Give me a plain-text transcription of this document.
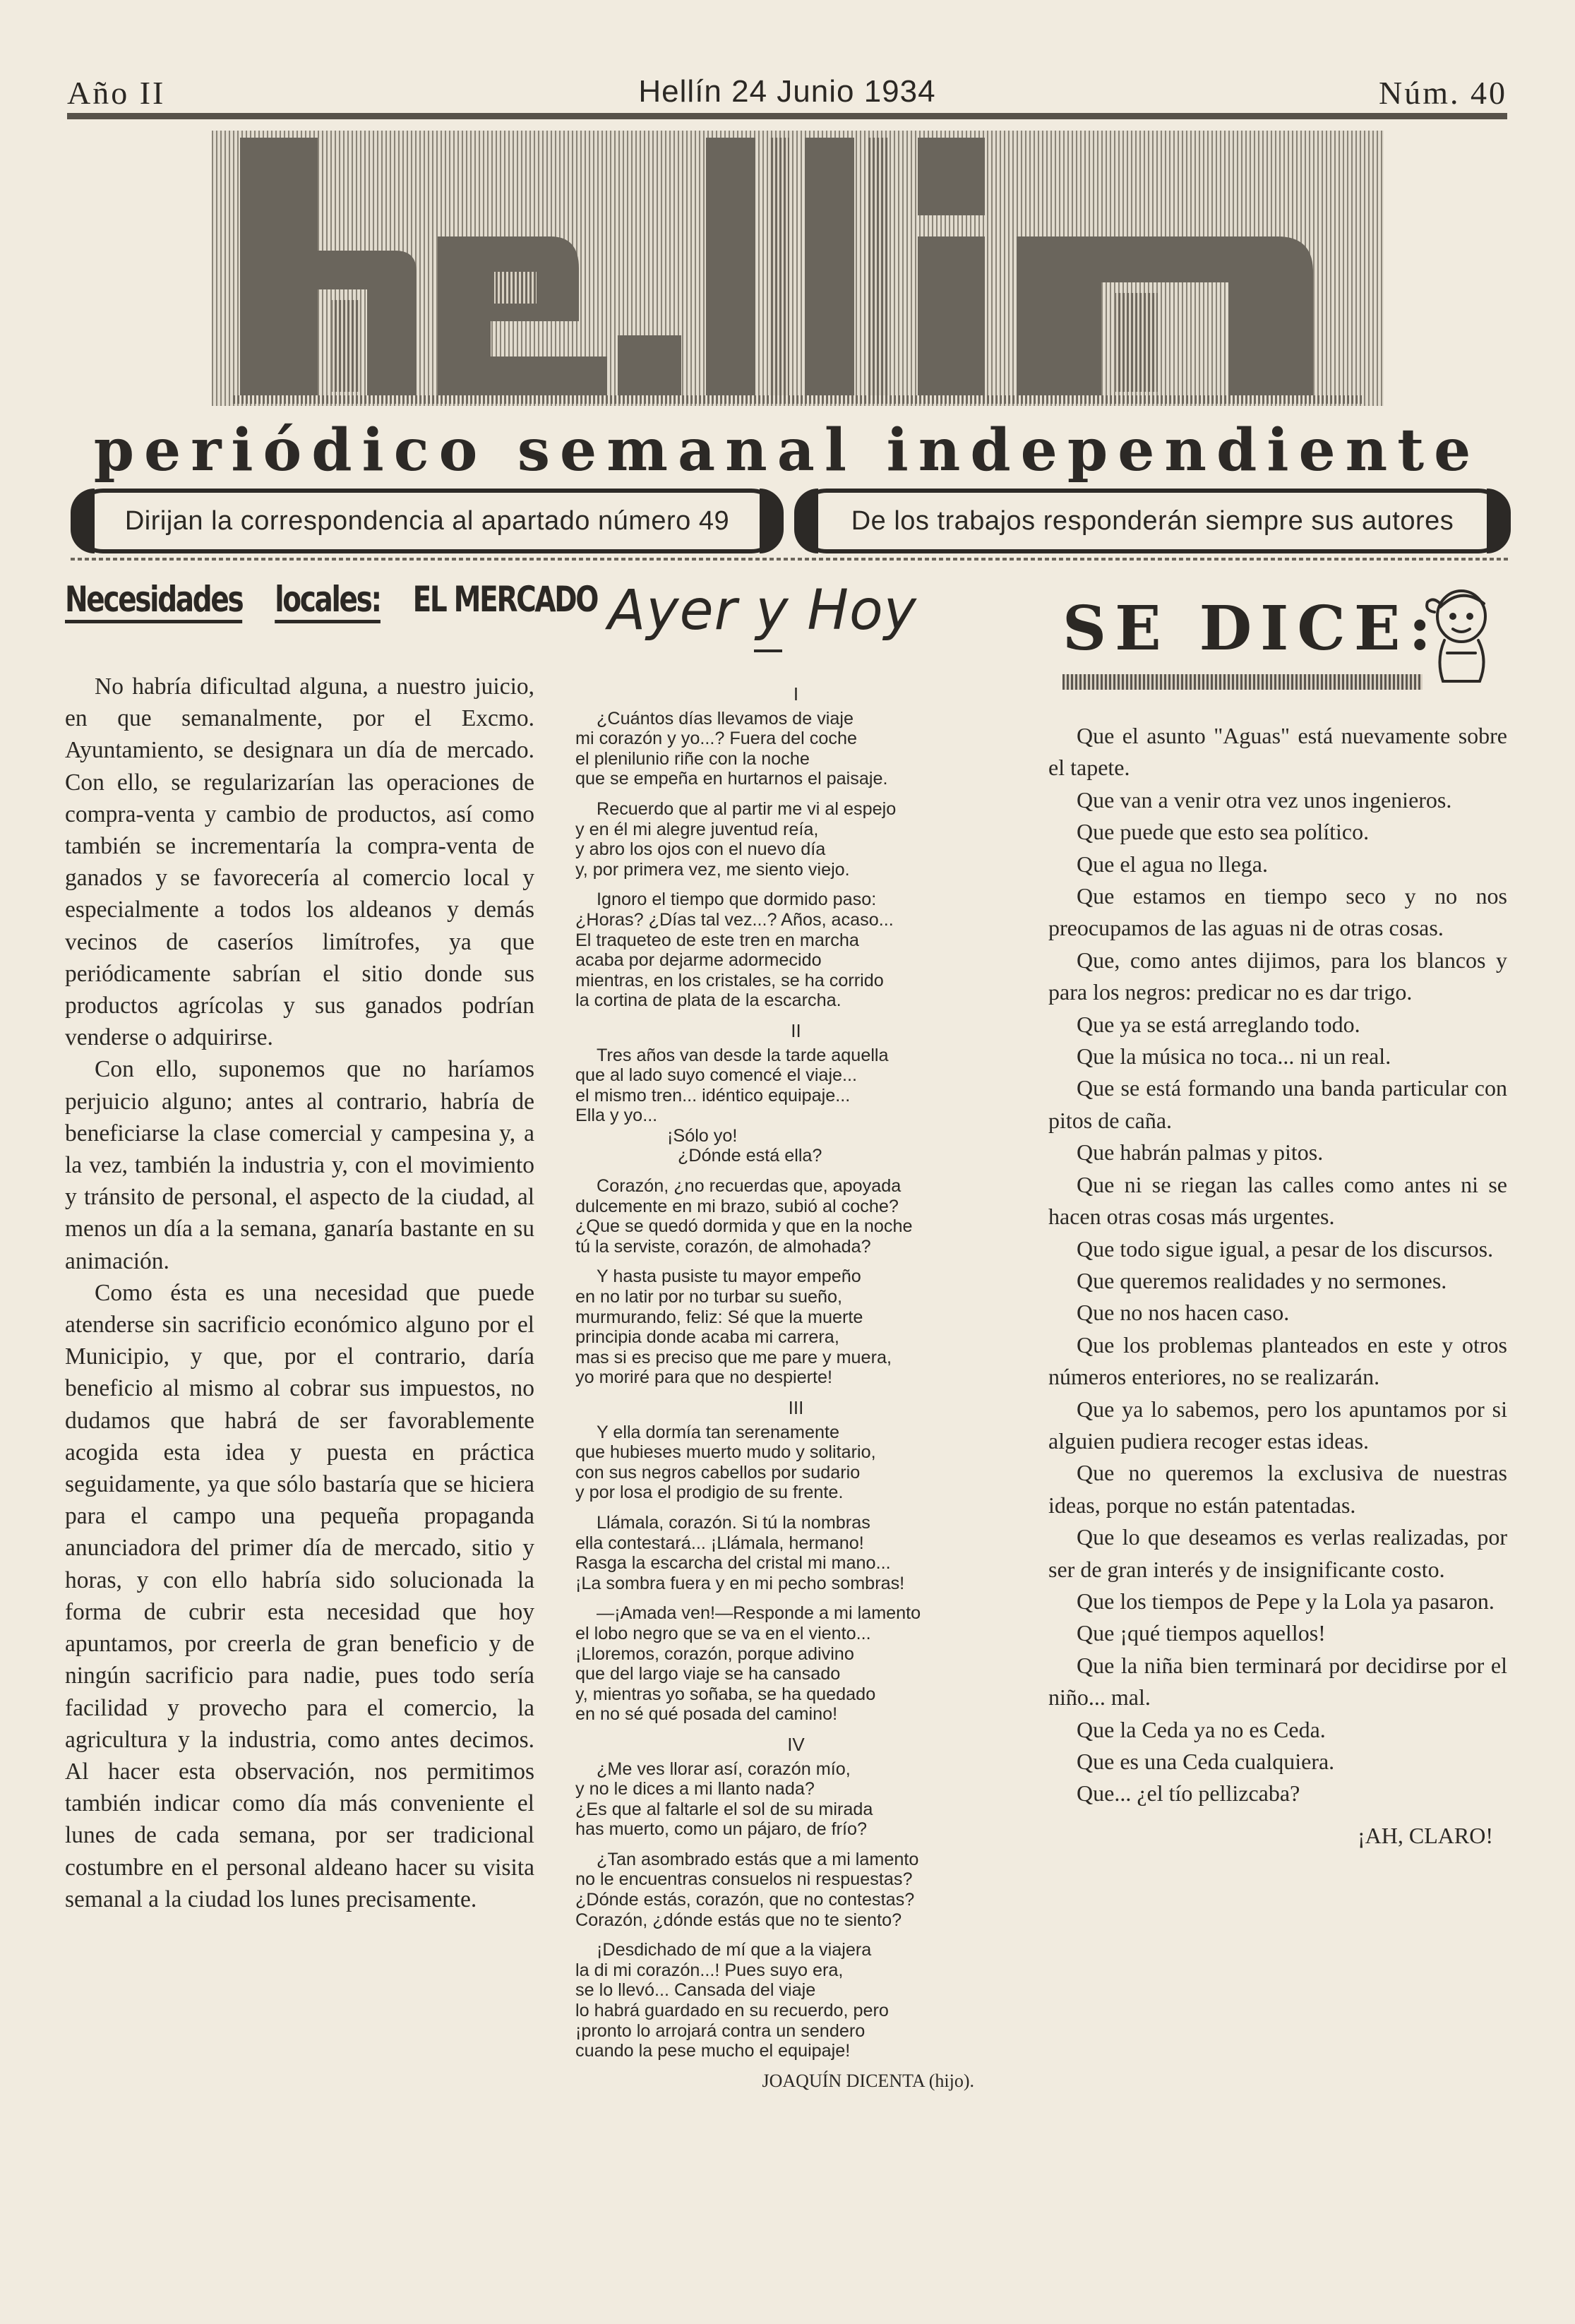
Año II	Hellín 24 Junio 1934	Núm. 40
periódico semanal independiente
Dirijan la correspondencia al apartado número 49	De los trabajos responderán siempre sus autores
Necesidades locales: EL MERCADO

No habría dificultad alguna, a nuestro juicio, en que semanalmente, por el Excmo. Ayuntamiento, se designara un día de mercado. Con ello, se regularizarían las operaciones de compra-venta y cambio de productos, así como también se incrementaría la compra-venta de ganados y se favorecería al comercio local y especialmente a todos los aldeanos y demás vecinos de caseríos limítrofes, ya que periódicamente sabrían el sitio donde sus productos agrícolas y sus ganados podrían venderse o adquirirse.

Con ello, suponemos que no haríamos perjuicio alguno; antes al contrario, habría de beneficiarse la clase comercial y campesina y, a la vez, también la industria y, con el movimiento y tránsito de personal, el aspecto de la ciudad, al menos un día a la semana, ganaría bastante en su animación.

Como ésta es una necesidad que puede atenderse sin sacrificio económico alguno por el Municipio, y que, por el contrario, daría beneficio al mismo al cobrar sus impuestos, no dudamos que habrá de ser favorablemente acogida esta idea y puesta en práctica seguidamente, ya que sólo bastaría que se hiciera para el campo una pequeña propaganda anunciadora del primer día de mercado, sitio y horas, y con ello habría sido solucionada la forma de cubrir esta necesidad que hoy apuntamos, por creerla de gran beneficio y de ningún sacrificio para nadie, pues todo sería facilidad y provecho para el comercio, la agricultura y la industria, como antes decimos. Al hacer esta observación, nos permitimos también indicar como día más conveniente el lunes de cada semana, por ser tradicional costumbre en el personal aldeano hacer su visita semanal a la ciudad los lunes precisamente.

Ayer y Hoy
I
¿Cuántos días llevamos de viaje
mi corazón y yo...? Fuera del coche
el plenilunio riñe con la noche
que se empeña en hurtarnos el paisaje.
Recuerdo que al partir me vi al espejo
y en él mi alegre juventud reía,
y abro los ojos con el nuevo día
y, por primera vez, me siento viejo.
Ignoro el tiempo que dormido paso:
¿Horas? ¿Días tal vez...? Años, acaso...
El traqueteo de este tren en marcha
acaba por dejarme adormecido
mientras, en los cristales, se ha corrido
la cortina de plata de la escarcha.
II
Tres años van desde la tarde aquella
que al lado suyo comencé el viaje...
el mismo tren... idéntico equipaje...
Ella y yo...
¡Sólo yo!
¿Dónde está ella?
Corazón, ¿no recuerdas que, apoyada
dulcemente en mi brazo, subió al coche?
¿Que se quedó dormida y que en la noche
tú la serviste, corazón, de almohada?
Y hasta pusiste tu mayor empeño
en no latir por no turbar su sueño,
murmurando, feliz: Sé que la muerte
principia donde acaba mi carrera,
mas si es preciso que me pare y muera,
yo moriré para que no despierte!
III
Y ella dormía tan serenamente
que hubieses muerto mudo y solitario,
con sus negros cabellos por sudario
y por losa el prodigio de su frente.
Llámala, corazón. Si tú la nombras
ella contestará... ¡Llámala, hermano!
Rasga la escarcha del cristal mi mano...
¡La sombra fuera y en mi pecho sombras!
—¡Amada ven!—Responde a mi lamento
el lobo negro que se va en el viento...
¡Lloremos, corazón, porque adivino
que del largo viaje se ha cansado
y, mientras yo soñaba, se ha quedado
en no sé qué posada del camino!
IV
¿Me ves llorar así, corazón mío,
y no le dices a mi llanto nada?
¿Es que al faltarle el sol de su mirada
has muerto, como un pájaro, de frío?
¿Tan asombrado estás que a mi lamento
no le encuentras consuelos ni respuestas?
¿Dónde estás, corazón, que no contestas?
Corazón, ¿dónde estás que no te siento?
¡Desdichado de mí que a la viajera
la di mi corazón...! Pues suyo era,
se lo llevó... Cansada del viaje
lo habrá guardado en su recuerdo, pero
¡pronto lo arrojará contra un sendero
cuando la pese mucho el equipaje!
JOAQUÍN DICENTA (hijo).
SE DICE:

Que el asunto "Aguas" está nuevamente sobre el tapete.

Que van a venir otra vez unos ingenieros.

Que puede que esto sea político.

Que el agua no llega.

Que estamos en tiempo seco y no nos preocupamos de las aguas ni de otras cosas.

Que, como antes dijimos, para los blancos y para los negros: predicar no es dar trigo.

Que ya se está arreglando todo.

Que la música no toca... ni un real.

Que se está formando una banda particular con pitos de caña.

Que habrán palmas y pitos.

Que ni se riegan las calles como antes ni se hacen otras cosas más urgentes.

Que todo sigue igual, a pesar de los discursos.

Que queremos realidades y no sermones.

Que no nos hacen caso.

Que los problemas planteados en este y otros números enteriores, no se realizarán.

Que ya lo sabemos, pero los apuntamos por si alguien pudiera recoger estas ideas.

Que no queremos la exclusiva de nuestras ideas, porque no están patentadas.

Que lo que deseamos es verlas realizadas, por ser de gran interés y de insignificante costo.

Que los tiempos de Pepe y la Lola ya pasaron.

Que ¡qué tiempos aquellos!

Que la niña bien terminará por decidirse por el niño... mal.

Que la Ceda ya no es Ceda.

Que es una Ceda cualquiera.

Que... ¿el tío pellizcaba?

¡AH, CLARO!
